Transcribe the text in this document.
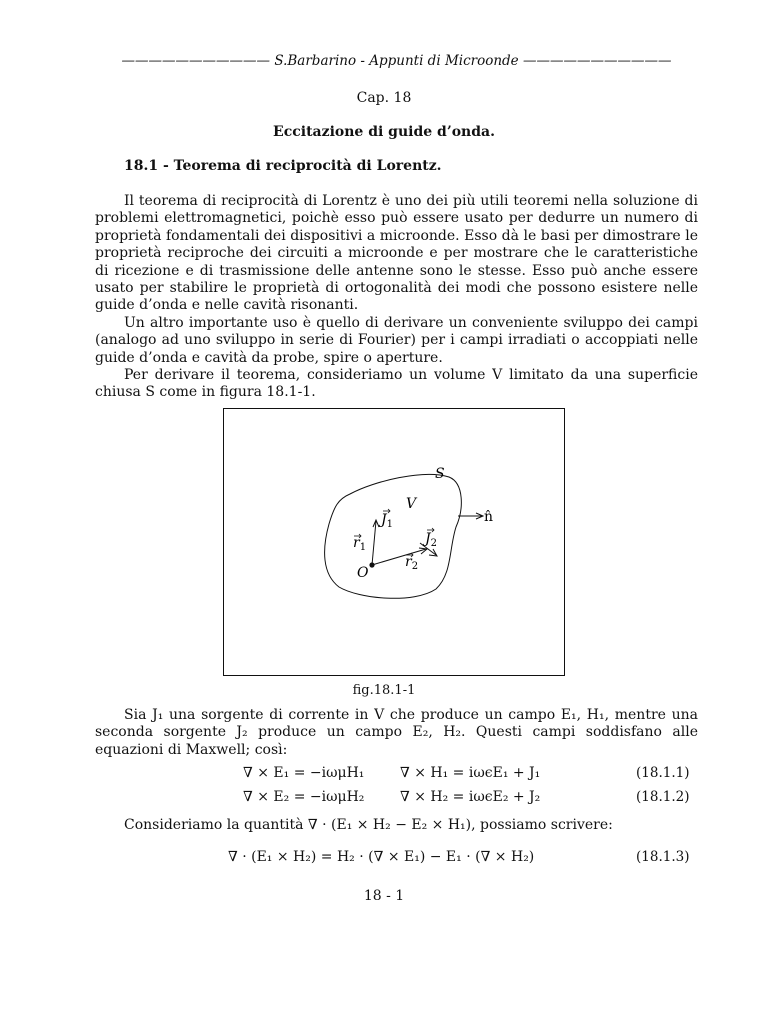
——————————— S.Barbarino - Appunti di Microonde ———————————
Cap. 18
Eccitazione di guide d’onda.
18.1 - Teorema di reciprocità di Lorentz.

Il teorema di reciprocità di Lorentz è uno dei più utili teoremi nella soluzione di problemi elettromagnetici, poichè esso può essere usato per dedurre un numero di proprietà fondamentali dei dispositivi a microonde. Esso dà le basi per dimostrare le proprietà reciproche dei circuiti a microonde e per mostrare che le caratteristiche di ricezione e di trasmissione delle antenne sono le stesse. Esso può anche essere usato per stabilire le proprietà di ortogonalità dei modi che possono esistere nelle guide d’onda e nelle cavità risonanti.

Un altro importante uso è quello di derivare un conveniente sviluppo dei campi (analogo ad uno sviluppo in serie di Fourier) per i campi irradiati o accoppiati nelle guide d’onda e cavità da probe, spire o aperture.

Per derivare il teorema, consideriamo un volume V limitato da una superficie chiusa S come in figura 18.1-1.

S
V
n̂
$J_1$
$J_2$
$r_1$
$r_2$
O
fig.18.1-1

Sia J₁ una sorgente di corrente in V che produce un campo E₁, H₁, mentre una seconda sorgente J₂ produce un campo E₂, H₂. Questi campi soddisfano alle equazioni di Maxwell; così:

∇ × E₁ = −iωμH₁	∇ × H₁ = iωϵE₁ + J₁	(18.1.1)
∇ × E₂ = −iωμH₂	∇ × H₂ = iωϵE₂ + J₂	(18.1.2)
Consideriamo la quantità ∇ · (E₁ × H₂ − E₂ × H₁), possiamo scrivere:
∇ · (E₁ × H₂) = H₂ · (∇ × E₁) − E₁ · (∇ × H₂)	(18.1.3)
18 - 1
